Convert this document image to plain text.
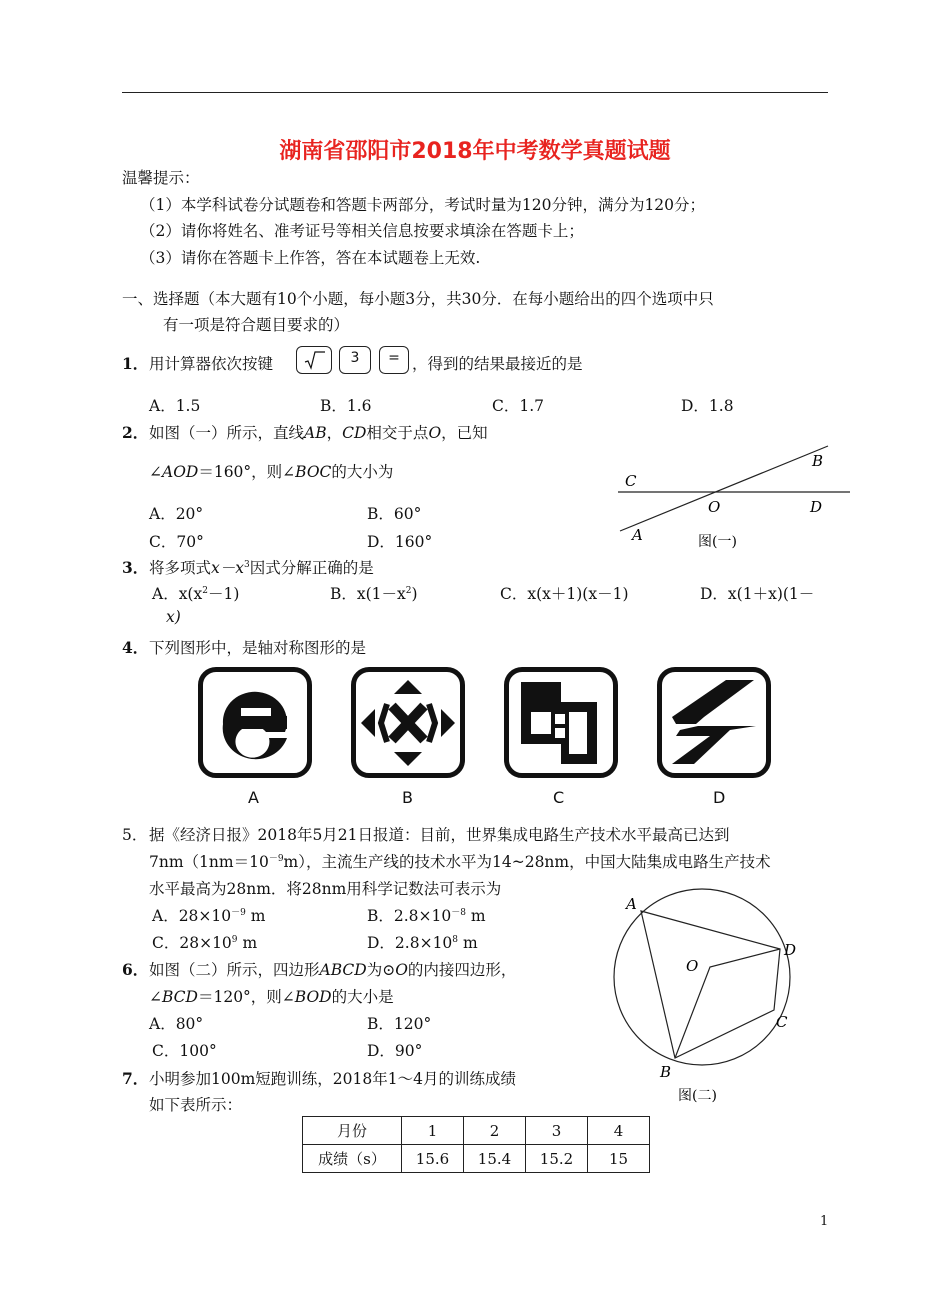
湖南省邵阳市2018年中考数学真题试题
温馨提示：
（1）本学科试卷分试题卷和答题卡两部分，考试时量为120分钟，满分为120分；
（2）请你将姓名、准考证号等相关信息按要求填涂在答题卡上；
（3）请你在答题卡上作答，答在本试题卷上无效.
一、选择题（本大题有10个小题，每小题3分，共30分．在每小题给出的四个选项中只
有一项是符合题目要求的）
1． 用计算器依次按键	3	= ，得到的结果最接近的是
A．1.5	B．1.6	C．1.7	D．1.8
2． 如图（一）所示，直线AB，CD相交于点O，已知
∠AOD＝160°，则∠BOC的大小为
A．20°	B．60°
C．70°	D．160°
C
B
O	D
A	图(一)
3． 将多项式$x-x^3$因式分解正确的是
A．$x(x^2-1)$	B．$x(1-x^2)$	C．x(x＋1)(x－1)	D．x(1＋x)(1－
x)
4． 下列图形中，是轴对称图形的是
A	B	C	D
5． 据《经济日报》2018年5月21日报道：目前，世界集成电路生产技术水平最高已达到
$7nm(1nm=10^{-9}m)$，主流生产线的技术水平为14~28nm，中国大陆集成电路生产技术
水平最高为28nm．将28nm用科学记数法可表示为
A．$28\times 10^{-9}$ m	B．$2.8\times 10^{-8}$ m
C．$28\times 10^9$ m	D．$2.8\times 10^8$ m
6． 如图（二）所示，四边形ABCD为⊙O的内接四边形，
∠BCD＝120°，则∠BOD的大小是
A．80°	B．120°
C．100°	D．90°
A
D
O
C
B
图(二)
7． 小明参加100m短跑训练，2018年1～4月的训练成绩
如下表所示：
月份	1	2	3	4
成绩（s）	15.6	15.4	15.2	15
1
